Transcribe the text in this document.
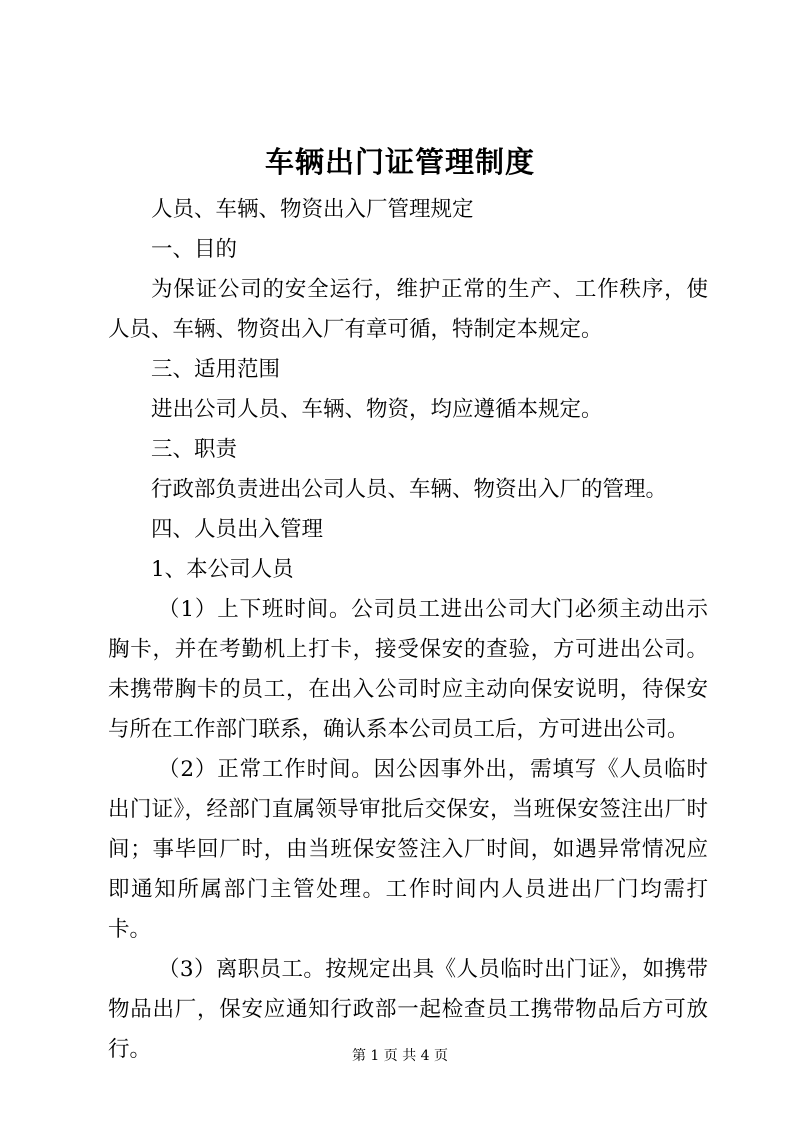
车辆出门证管理制度

人员、车辆、物资出入厂管理规定

一、目的

为保证公司的安全运行，维护正常的生产、工作秩序，使人员、车辆、物资出入厂有章可循，特制定本规定。

三、适用范围

进出公司人员、车辆、物资，均应遵循本规定。

三、职责

行政部负责进出公司人员、车辆、物资出入厂的管理。

四、人员出入管理

1、本公司人员

（1）上下班时间。公司员工进出公司大门必须主动出示胸卡，并在考勤机上打卡，接受保安的查验，方可进出公司。未携带胸卡的员工，在出入公司时应主动向保安说明，待保安与所在工作部门联系，确认系本公司员工后，方可进出公司。

（2）正常工作时间。因公因事外出，需填写《人员临时出门证》，经部门直属领导审批后交保安，当班保安签注出厂时间；事毕回厂时，由当班保安签注入厂时间，如遇异常情况应即通知所属部门主管处理。工作时间内人员进出厂门均需打卡。

（3）离职员工。按规定出具《人员临时出门证》，如携带物品出厂，保安应通知行政部一起检查员工携带物品后方可放行。	第 1 页 共 4 页
